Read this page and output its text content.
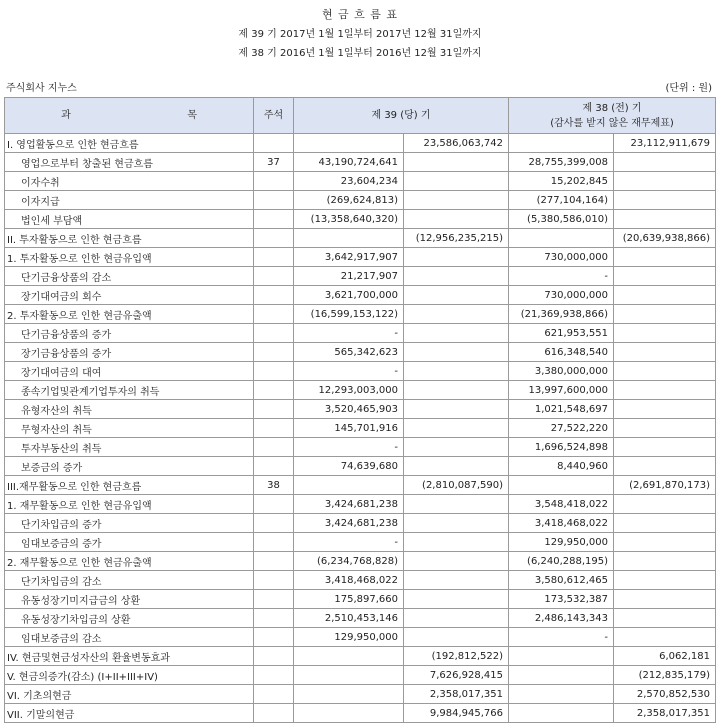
현 금 흐 름 표
제 39 기 2017년 1월 1일부터 2017년 12월 31일까지
제 38 기 2016년 1월 1일부터 2016년 12월 31일까지
주식회사 지누스	(단위 : 원)
과 목	주석	제 39 (당) 기		제 38 (전) 기
(감사를 받지 않은 재무제표)	

I. 영업활동으로 인한 현금흐름			23,586,063,742		23,112,911,679
영업으로부터 창출된 현금흐름	37	43,190,724,641		28,755,399,008	
이자수취		23,604,234		15,202,845	
이자지급		(269,624,813)		(277,104,164)	
법인세 부담액		(13,358,640,320)		(5,380,586,010)	
II. 투자활동으로 인한 현금흐름			(12,956,235,215)		(20,639,938,866)
1. 투자활동으로 인한 현금유입액		3,642,917,907		730,000,000	
단기금융상품의 감소		21,217,907		-	
장기대여금의 회수		3,621,700,000		730,000,000	
2. 투자활동으로 인한 현금유출액		(16,599,153,122)		(21,369,938,866)	
단기금융상품의 증가		-		621,953,551	
장기금융상품의 증가		565,342,623		616,348,540	
장기대여금의 대여		-		3,380,000,000	
종속기업및관계기업투자의 취득		12,293,003,000		13,997,600,000	
유형자산의 취득		3,520,465,903		1,021,548,697	
무형자산의 취득		145,701,916		27,522,220	
투자부동산의 취득		-		1,696,524,898	
보증금의 증가		74,639,680		8,440,960	
III.재무활동으로 인한 현금흐름	38		(2,810,087,590)		(2,691,870,173)
1. 재무활동으로 인한 현금유입액		3,424,681,238		3,548,418,022	
단기차입금의 증가		3,424,681,238		3,418,468,022	
임대보증금의 증가		-		129,950,000	
2. 재무활동으로 인한 현금유출액		(6,234,768,828)		(6,240,288,195)	
단기차입금의 감소		3,418,468,022		3,580,612,465	
유동성장기미지급금의 상환		175,897,660		173,532,387	
유동성장기차입금의 상환		2,510,453,146		2,486,143,343	
임대보증금의 감소		129,950,000		-	
IV. 현금및현금성자산의 환율변동효과			(192,812,522)		6,062,181
V. 현금의증가(감소) (I+II+III+IV)			7,626,928,415		(212,835,179)
VI. 기초의현금			2,358,017,351		2,570,852,530
VII. 기말의현금			9,984,945,766		2,358,017,351
